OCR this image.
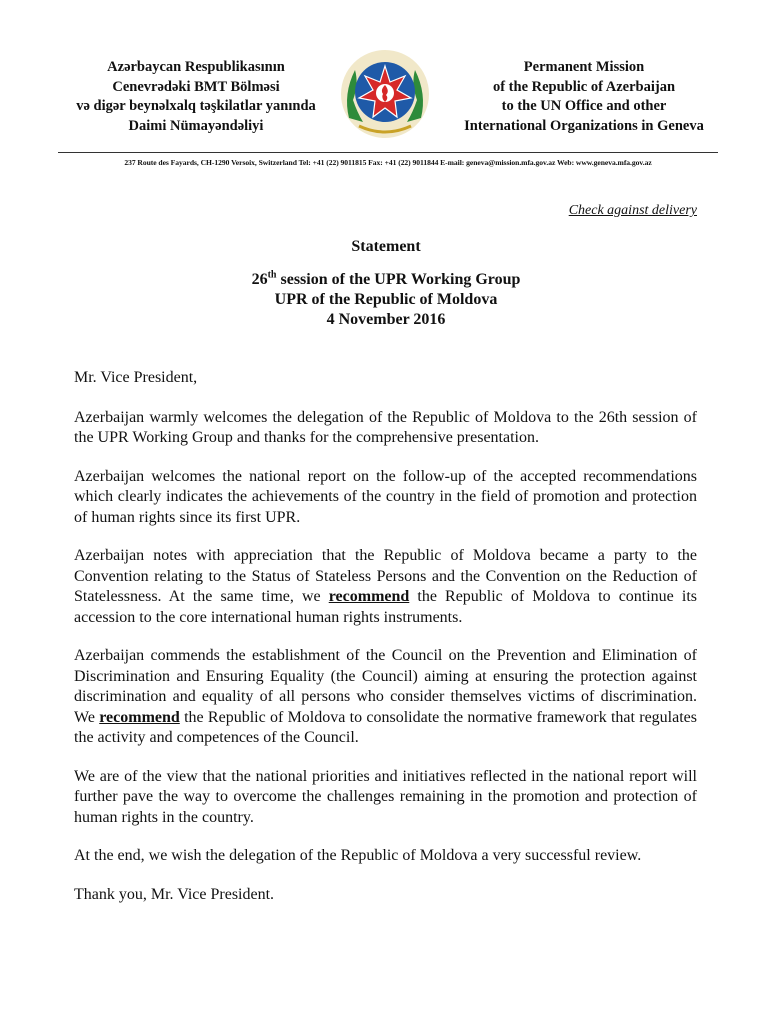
Azərbaycan Respublikasının
Cenevrədəki BMT Bölməsi
və digər beynəlxalq təşkilatlar yanında
Daimi Nümayəndəliyi
Permanent Mission
of the Republic of Azerbaijan
to the UN Office and other
International Organizations in Geneva
237 Route des Fayards, CH-1290 Versoix, Switzerland Tel: +41 (22) 9011815 Fax: +41 (22) 9011844 E-mail: geneva@mission.mfa.gov.az Web: www.geneva.mfa.gov.az
Check against delivery
Statement
26th session of the UPR Working Group
UPR of the Republic of Moldova
4 November 2016

Mr. Vice President,

Azerbaijan warmly welcomes the delegation of the Republic of Moldova to the 26th session of the UPR Working Group and thanks for the comprehensive presentation.

Azerbaijan welcomes the national report on the follow-up of the accepted recommendations which clearly indicates the achievements of the country in the field of promotion and protection of human rights since its first UPR.

Azerbaijan notes with appreciation that the Republic of Moldova became a party to the Convention relating to the Status of Stateless Persons and the Convention on the Reduction of Statelessness. At the same time, we recommend the Republic of Moldova to continue its accession to the core international human rights instruments.

Azerbaijan commends the establishment of the Council on the Prevention and Elimination of Discrimination and Ensuring Equality (the Council) aiming at ensuring the protection against discrimination and equality of all persons who consider themselves victims of discrimination. We recommend the Republic of Moldova to consolidate the normative framework that regulates the activity and competences of the Council.

We are of the view that the national priorities and initiatives reflected in the national report will further pave the way to overcome the challenges remaining in the promotion and protection of human rights in the country.

At the end, we wish the delegation of the Republic of Moldova a very successful review.

Thank you, Mr. Vice President.
